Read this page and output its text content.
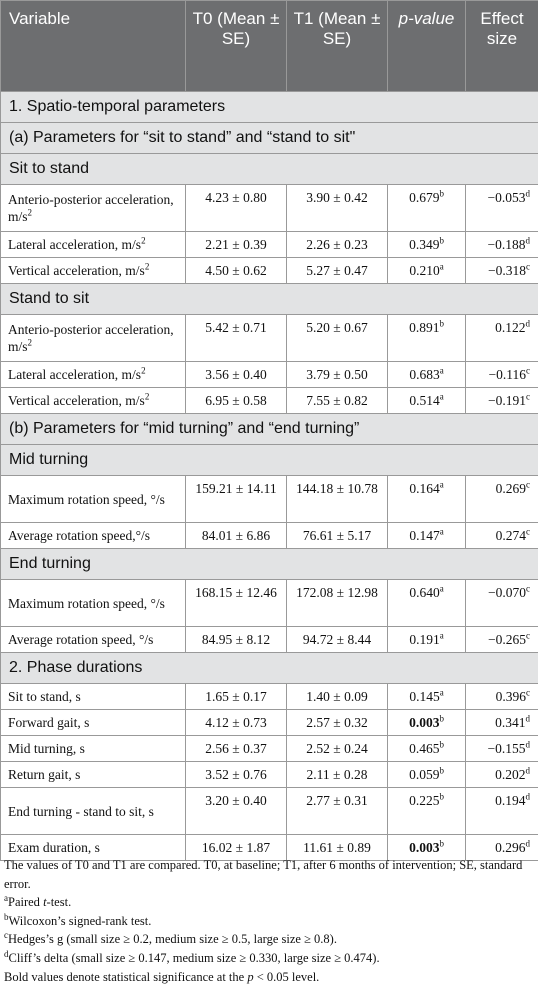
Variable	T0 (Mean ± SE)	T1 (Mean ± SE)	p-value	Effect size
1. Spatio-temporal parameters				
(a) Parameters for “sit to stand” and “stand to sit"				
Sit to stand				
Anterio-posterior acceleration, $m/s^2$	4.23 ± 0.80	3.90 ± 0.42	0.679$^b$	−0.053$^d$
Lateral acceleration, $m/s^2$	2.21 ± 0.39	2.26 ± 0.23	0.349$^b$	−0.188$^d$
Vertical acceleration, $m/s^2$	4.50 ± 0.62	5.27 ± 0.47	0.210$^a$	−0.318$^c$
Stand to sit				
Anterio-posterior acceleration, $m/s^2$	5.42 ± 0.71	5.20 ± 0.67	0.891$^b$	0.122$^d$
Lateral acceleration, $m/s^2$	3.56 ± 0.40	3.79 ± 0.50	0.683$^a$	−0.116$^c$
Vertical acceleration, $m/s^2$	6.95 ± 0.58	7.55 ± 0.82	0.514$^a$	−0.191$^c$
(b) Parameters for “mid turning” and “end turning”				
Mid turning				
Maximum rotation speed, °/s	159.21 ± 14.11	144.18 ± 10.78	0.164$^a$	0.269$^c$
Average rotation speed,°/s	84.01 ± 6.86	76.61 ± 5.17	0.147$^a$	0.274$^c$
End turning				
Maximum rotation speed, °/s	168.15 ± 12.46	172.08 ± 12.98	0.640$^a$	−0.070$^c$
Average rotation speed, °/s	84.95 ± 8.12	94.72 ± 8.44	0.191$^a$	−0.265$^c$
2. Phase durations				
Sit to stand, s	1.65 ± 0.17	1.40 ± 0.09	0.145$^a$	0.396$^c$
Forward gait, s	4.12 ± 0.73	2.57 ± 0.32	0.003$^b$	0.341$^d$
Mid turning, s	2.56 ± 0.37	2.52 ± 0.24	0.465$^b$	−0.155$^d$
Return gait, s	3.52 ± 0.76	2.11 ± 0.28	0.059$^b$	0.202$^d$
End turning - stand to sit, s	3.20 ± 0.40	2.77 ± 0.31	0.225$^b$	0.194$^d$
Exam duration, s	16.02 ± 1.87	11.61 ± 0.89	0.003$^b$	0.296$^d$
The values of T0 and T1 are compared. T0, at baseline; T1, after 6 months of intervention; SE, standard error.
$^a$Paired t-test.
$^b$Wilcoxon’s signed-rank test.
$^c$Hedges’s g (small size ≥ 0.2, medium size ≥ 0.5, large size ≥ 0.8).
$^d$Cliff’s delta (small size ≥ 0.147, medium size ≥ 0.330, large size ≥ 0.474).
Bold values denote statistical significance at the p < 0.05 level.
